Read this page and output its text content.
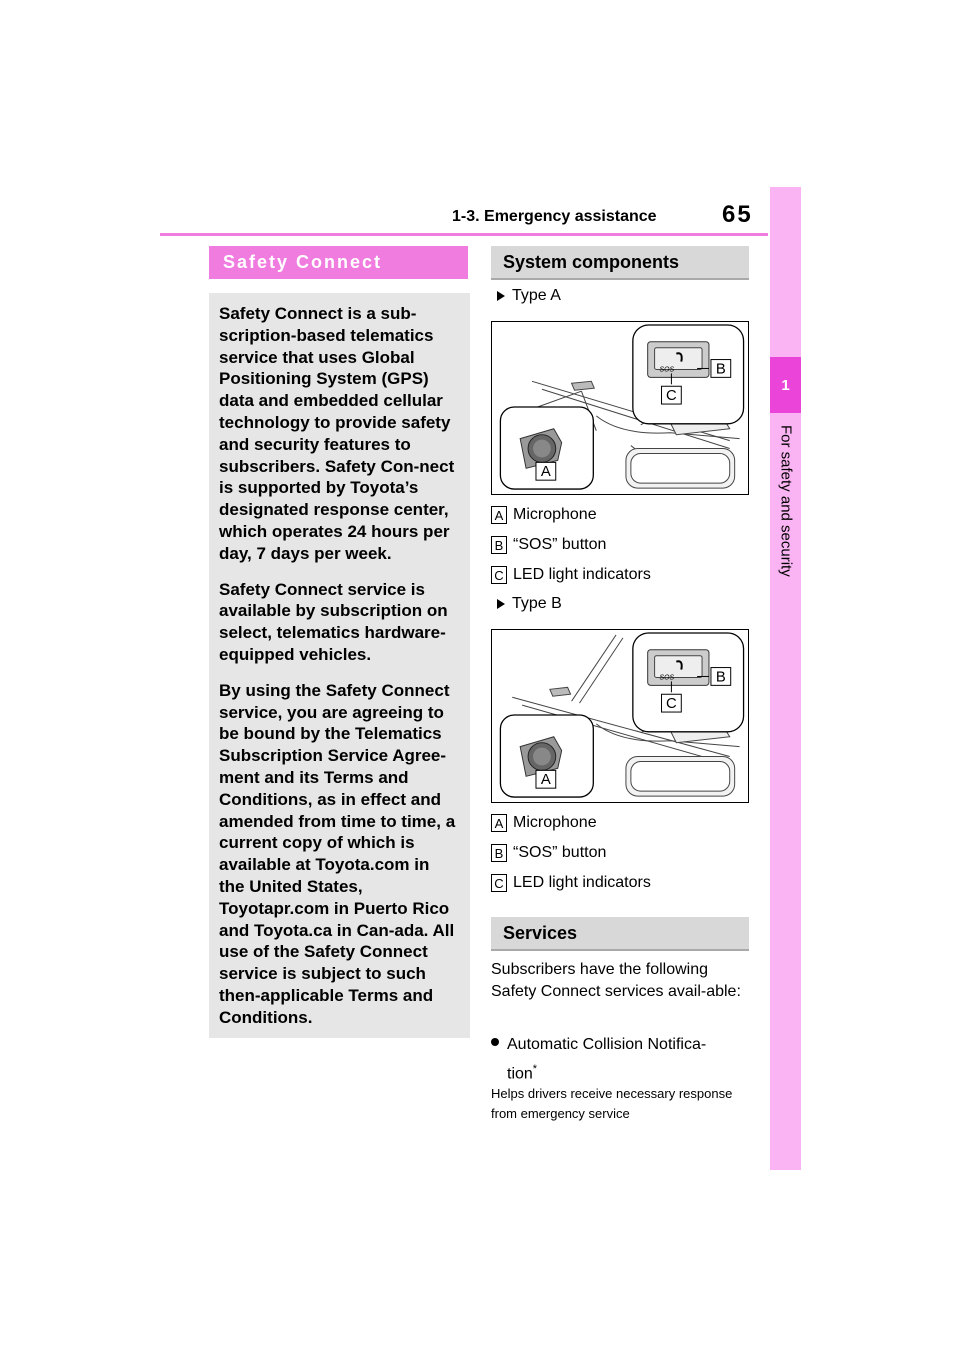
1-3. Emergency assistance	65
1
For safety and security
Safety Connect

Safety Connect is a sub-scription-based telematics service that uses Global Positioning System (GPS) data and embedded cellular technology to provide safety and security features to subscribers. Safety Con-nect is supported by Toyota’s designated response center, which operates 24 hours per day, 7 days per week.

Safety Connect service is available by subscription on select, telematics hardware-equipped vehicles.

By using the Safety Connect service, you are agreeing to be bound by the Telematics Subscription Service Agree-ment and its Terms and Conditions, as in effect and amended from time to time, a current copy of which is available at Toyota.com in the United States, Toyotapr.com in Puerto Rico and Toyota.ca in Can-ada. All use of the Safety Connect service is subject to such then-applicable Terms and Conditions.

System components
Type A
SOS	B
C
A
A Microphone
B “SOS” button
C LED light indicators
Type B
SOS	B
C
A
A Microphone
B “SOS” button
C LED light indicators
Services
Subscribers have the following Safety Connect services avail-able:
Automatic Collision Notifica-tion*
Helps drivers receive necessary response from emergency service
